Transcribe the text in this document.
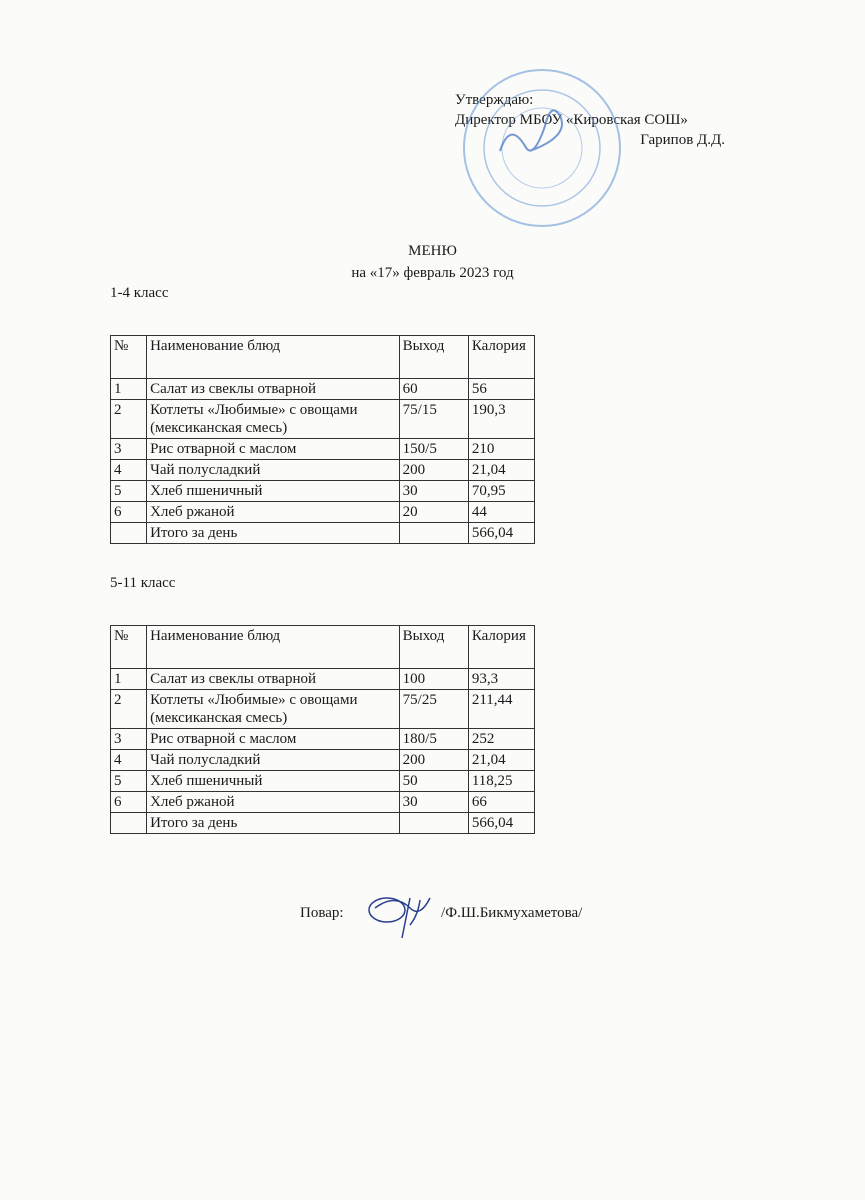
Утверждаю:
Директор МБОУ «Кировская СОШ»
Гарипов Д.Д.
МЕНЮ
на «17» февраль 2023 год
1-4 класс
№	Наименование блюд	Выход	Калория
1	Салат из свеклы отварной	60	56
2	Котлеты «Любимые» с овощами (мексиканская смесь)	75/15	190,3
3	Рис отварной с маслом	150/5	210
4	Чай полусладкий	200	21,04
5	Хлеб пшеничный	30	70,95
6	Хлеб ржаной	20	44
	Итого за день		566,04
5-11 класс
№	Наименование блюд	Выход	Калория
1	Салат из свеклы отварной	100	93,3
2	Котлеты «Любимые» с овощами (мексиканская смесь)	75/25	211,44
3	Рис отварной с маслом	180/5	252
4	Чай полусладкий	200	21,04
5	Хлеб пшеничный	50	118,25
6	Хлеб ржаной	30	66
	Итого за день		566,04
Повар:	/Ф.Ш.Бикмухаметова/
